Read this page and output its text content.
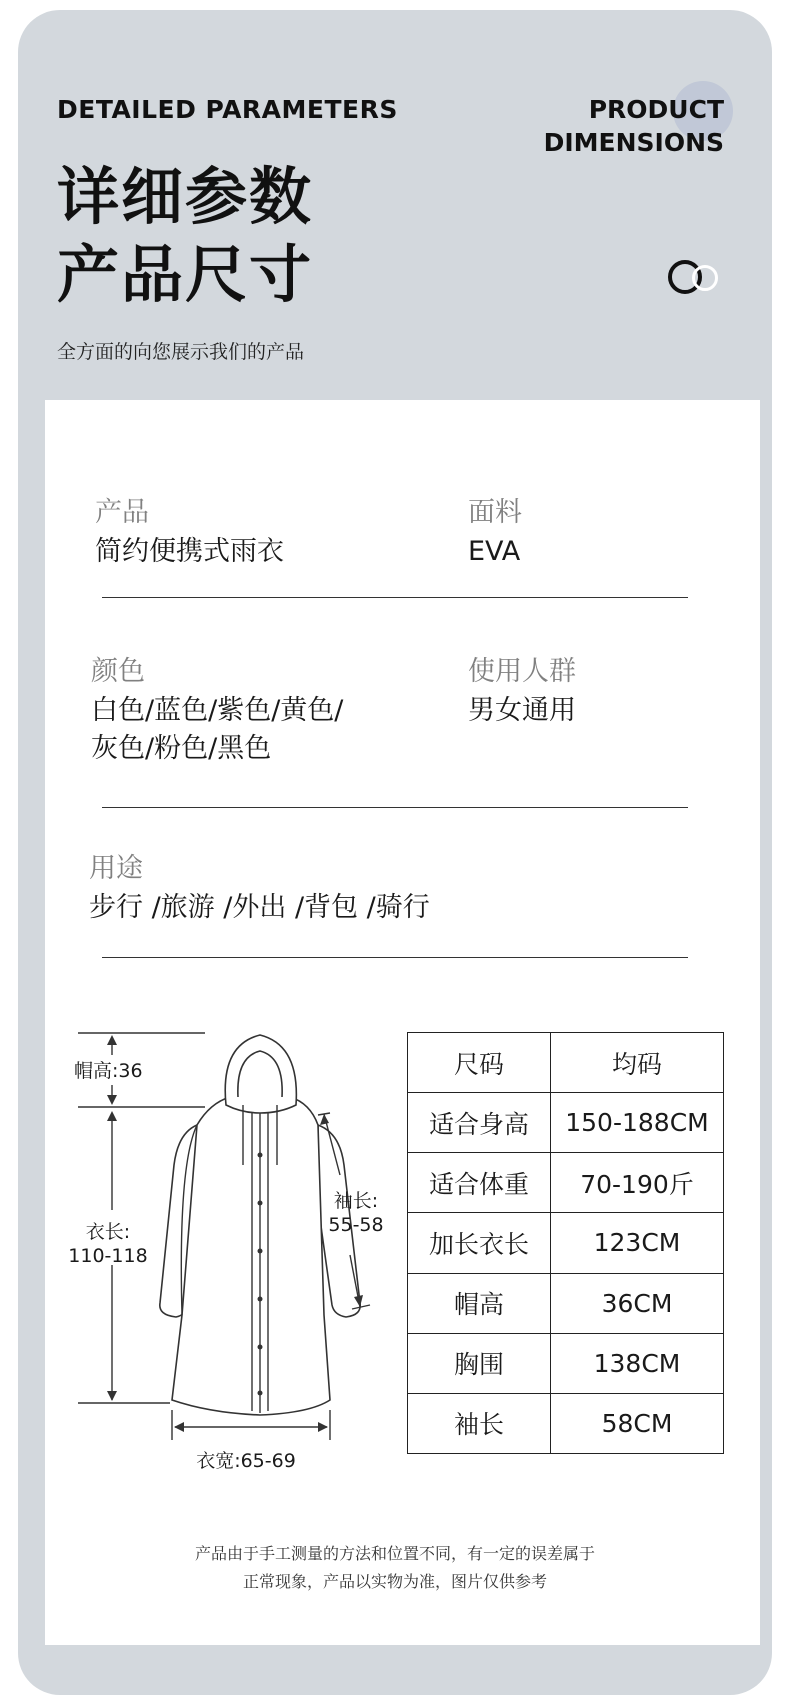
DETAILED PARAMETERS	PRODUCT
DIMENSIONS
详细参数
产品尺寸
全方面的向您展示我们的产品
产品
简约便携式雨衣
面料
EVA
颜色
白色/蓝色/紫色/黄色/
灰色/粉色/黑色
使用人群
男女通用
用途
步行 /旅游 /外出 /背包 /骑行
帽高:36
衣长:
110-118
袖长:
55-58
衣宽:65-69
尺码	均码
适合身高	150-188CM
适合体重	70-190斤
加长衣长	123CM
帽高	36CM
胸围	138CM
袖长	58CM
产品由于手工测量的方法和位置不同，有一定的误差属于
正常现象，产品以实物为准，图片仅供参考
